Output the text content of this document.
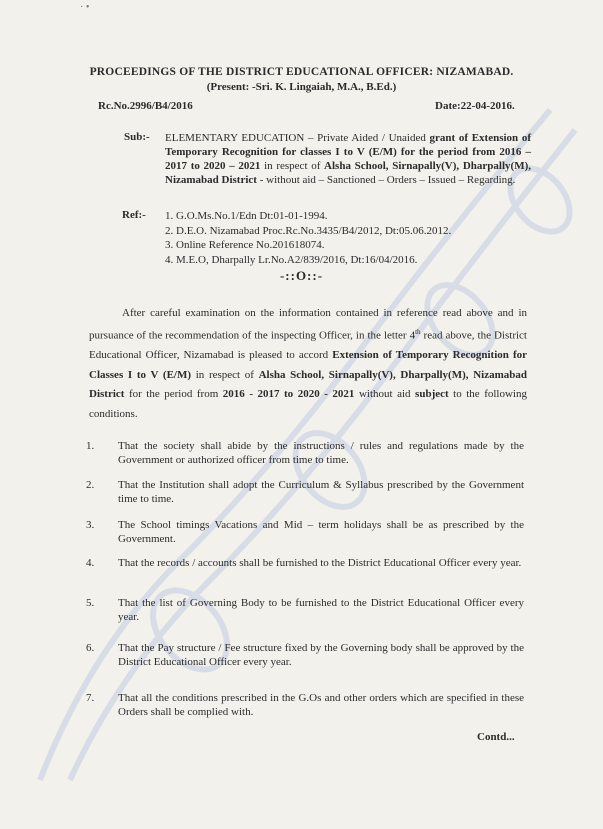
· •
PROCEEDINGS OF THE DISTRICT EDUCATIONAL OFFICER: NIZAMABAD.
(Present: -Sri. K. Lingaiah, M.A., B.Ed.)
Rc.No.2996/B4/2016	Date:22-04-2016.
Sub:- ELEMENTARY EDUCATION – Private Aided / Unaided grant of Extension of Temporary Recognition for classes I to V (E/M) for the period from 2016 – 2017 to 2020 – 2021 in respect of Alsha School, Sirnapally(V), Dharpally(M), Nizamabad District - without aid – Sanctioned – Orders – Issued – Regarding.
Ref:- 1. G.O.Ms.No.1/Edn Dt:01-01-1994.
2. D.E.O. Nizamabad Proc.Rc.No.3435/B4/2012, Dt:05.06.2012.
3. Online Reference No.201618074.
4. M.E.O, Dharpally Lr.No.A2/839/2016, Dt:16/04/2016.
-::O::-
After careful examination on the information contained in reference read above and in pursuance of the recommendation of the inspecting Officer, in the letter 4th read above, the District Educational Officer, Nizamabad is pleased to accord Extension of Temporary Recognition for Classes I to V (E/M) in respect of Alsha School, Sirnapally(V), Dharpally(M), Nizamabad District for the period from 2016 - 2017 to 2020 - 2021 without aid subject to the following conditions.
1. That the society shall abide by the instructions / rules and regulations made by the Government or authorized officer from time to time.
2. That the Institution shall adopt the Curriculum & Syllabus prescribed by the Government time to time.
3. The School timings Vacations and Mid – term holidays shall be as prescribed by the Government.
4. That the records / accounts shall be furnished to the District Educational Officer every year.
5. That the list of Governing Body to be furnished to the District Educational Officer every year.
6. That the Pay structure / Fee structure fixed by the Governing body shall be approved by the District Educational Officer every year.
7. That all the conditions prescribed in the G.Os and other orders which are specified in these Orders shall be complied with.
Contd...
